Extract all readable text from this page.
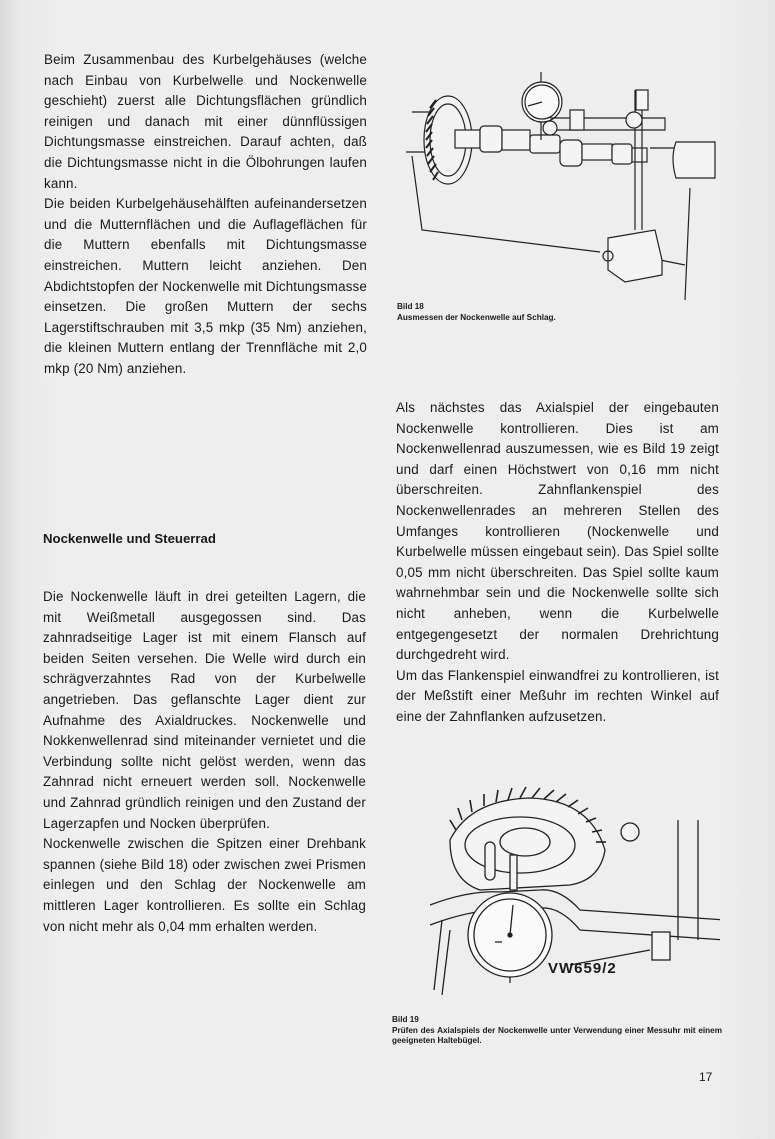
Beim Zusammenbau des Kurbelgehäuses (welche nach Einbau von Kurbelwelle und Nockenwelle geschieht) zuerst alle Dichtungsflächen gründlich reinigen und danach mit einer dünnflüssigen Dichtungsmasse einstreichen. Darauf achten, daß die Dichtungsmasse nicht in die Ölbohrungen laufen kann.

Die beiden Kurbelgehäusehälften aufeinandersetzen und die Mutternflächen und die Auflageflächen für die Muttern ebenfalls mit Dichtungsmasse einstreichen. Muttern leicht anziehen. Den Abdichtstopfen der Nockenwelle mit Dichtungsmasse einsetzen. Die großen Muttern der sechs Lagerstiftschrauben mit 3,5 mkp (35 Nm) anziehen, die kleinen Muttern entlang der Trennfläche mit 2,0 mkp (20 Nm) anziehen.

Nockenwelle und Steuerrad

Die Nockenwelle läuft in drei geteilten Lagern, die mit Weißmetall ausgegossen sind. Das zahnradseitige Lager ist mit einem Flansch auf beiden Seiten versehen. Die Welle wird durch ein schrägverzahntes Rad von der Kurbelwelle angetrieben. Das geflanschte Lager dient zur Aufnahme des Axialdruckes. Nockenwelle und Nokkenwellenrad sind miteinander vernietet und die Verbindung sollte nicht gelöst werden, wenn das Zahnrad nicht erneuert werden soll. Nockenwelle und Zahnrad gründlich reinigen und den Zustand der Lagerzapfen und Nocken überprüfen.

Nockenwelle zwischen die Spitzen einer Drehbank spannen (siehe Bild 18) oder zwischen zwei Prismen einlegen und den Schlag der Nockenwelle am mittleren Lager kontrollieren. Es sollte ein Schlag von nicht mehr als 0,04 mm erhalten werden.

Bild 18
Ausmessen der Nockenwelle auf Schlag.

Als nächstes das Axialspiel der eingebauten Nockenwelle kontrollieren. Dies ist am Nockenwellenrad auszumessen, wie es Bild 19 zeigt und darf einen Höchstwert von 0,16 mm nicht überschreiten. Zahnflankenspiel des Nockenwellenrades an mehreren Stellen des Umfanges kontrollieren (Nockenwelle und Kurbelwelle müssen eingebaut sein). Das Spiel sollte 0,05 mm nicht überschreiten. Das Spiel sollte kaum wahrnehmbar sein und die Nockenwelle sollte sich nicht anheben, wenn die Kurbelwelle entgegengesetzt der normalen Drehrichtung durchgedreht wird.

Um das Flankenspiel einwandfrei zu kontrollieren, ist der Meßstift einer Meßuhr im rechten Winkel auf eine der Zahnflanken aufzusetzen.

VW659/2
Bild 19
Prüfen des Axialspiels der Nockenwelle unter Verwendung einer Messuhr mit einem geeigneten Haltebügel.
17
